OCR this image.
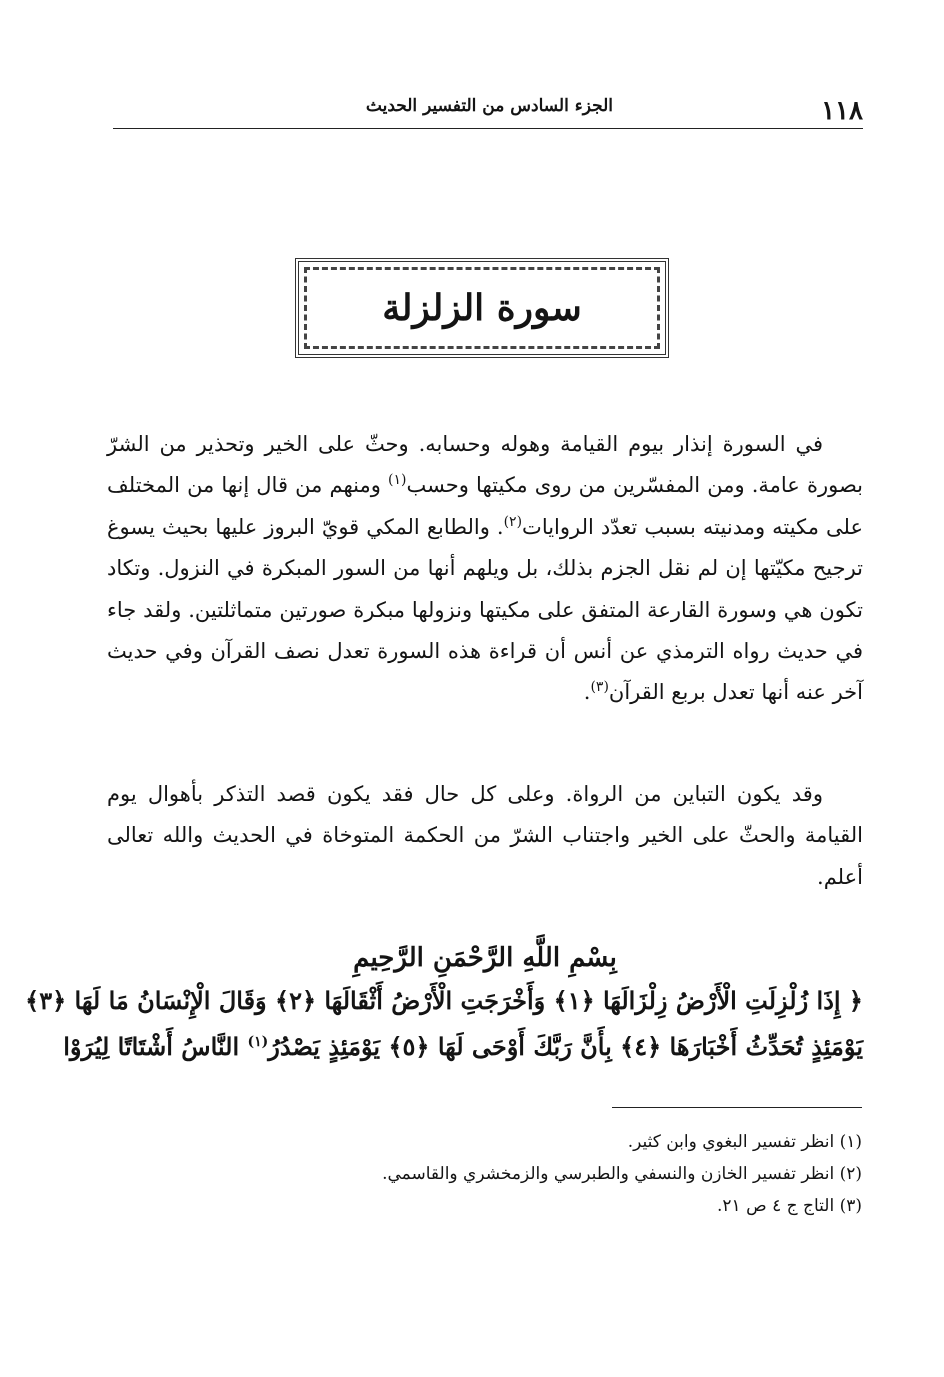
١١٨
الجزء السادس من التفسير الحديث
سورة الزلزلة
في السورة إنذار بيوم القيامة وهوله وحسابه. وحثّ على الخير وتحذير من الشرّ بصورة عامة. ومن المفسّرين من روى مكيتها وحسب$^{(١)}$ ومنهم من قال إنها من المختلف على مكيته ومدنيته بسبب تعدّد الروايات$^{(٢)}$. والطابع المكي قويّ البروز عليها بحيث يسوغ ترجيح مكيّتها إن لم نقل الجزم بذلك، بل ويلهم أنها من السور المبكرة في النزول. وتكاد تكون هي وسورة القارعة المتفق على مكيتها ونزولها مبكرة صورتين متماثلتين. ولقد جاء في حديث رواه الترمذي عن أنس أن قراءة هذه السورة تعدل نصف القرآن وفي حديث آخر عنه أنها تعدل بربع القرآن$^{(٣)}$.
وقد يكون التباين من الرواة. وعلى كل حال فقد يكون قصد التذكر بأهوال يوم القيامة والحثّ على الخير واجتناب الشرّ من الحكمة المتوخاة في الحديث والله تعالى أعلم.
بِسْمِ اللَّهِ الرَّحْمَنِ الرَّحِيمِ
﴿ إِذَا زُلْزِلَتِ الْأَرْضُ زِلْزَالَهَا ﴿١﴾ وَأَخْرَجَتِ الْأَرْضُ أَثْقَالَهَا ﴿٢﴾ وَقَالَ الْإِنْسَانُ مَا لَهَا ﴿٣﴾
يَوْمَئِذٍ تُحَدِّثُ أَخْبَارَهَا ﴿٤﴾ بِأَنَّ رَبَّكَ أَوْحَى لَهَا ﴿٥﴾ يَوْمَئِذٍ يَصْدُرُ$^{(١)}$ النَّاسُ أَشْتَاتًا لِيُرَوْا
(١) انظر تفسير البغوي وابن كثير.
(٢) انظر تفسير الخازن والنسفي والطبرسي والزمخشري والقاسمي.
(٣) التاج ج ٤ ص ٢١.
